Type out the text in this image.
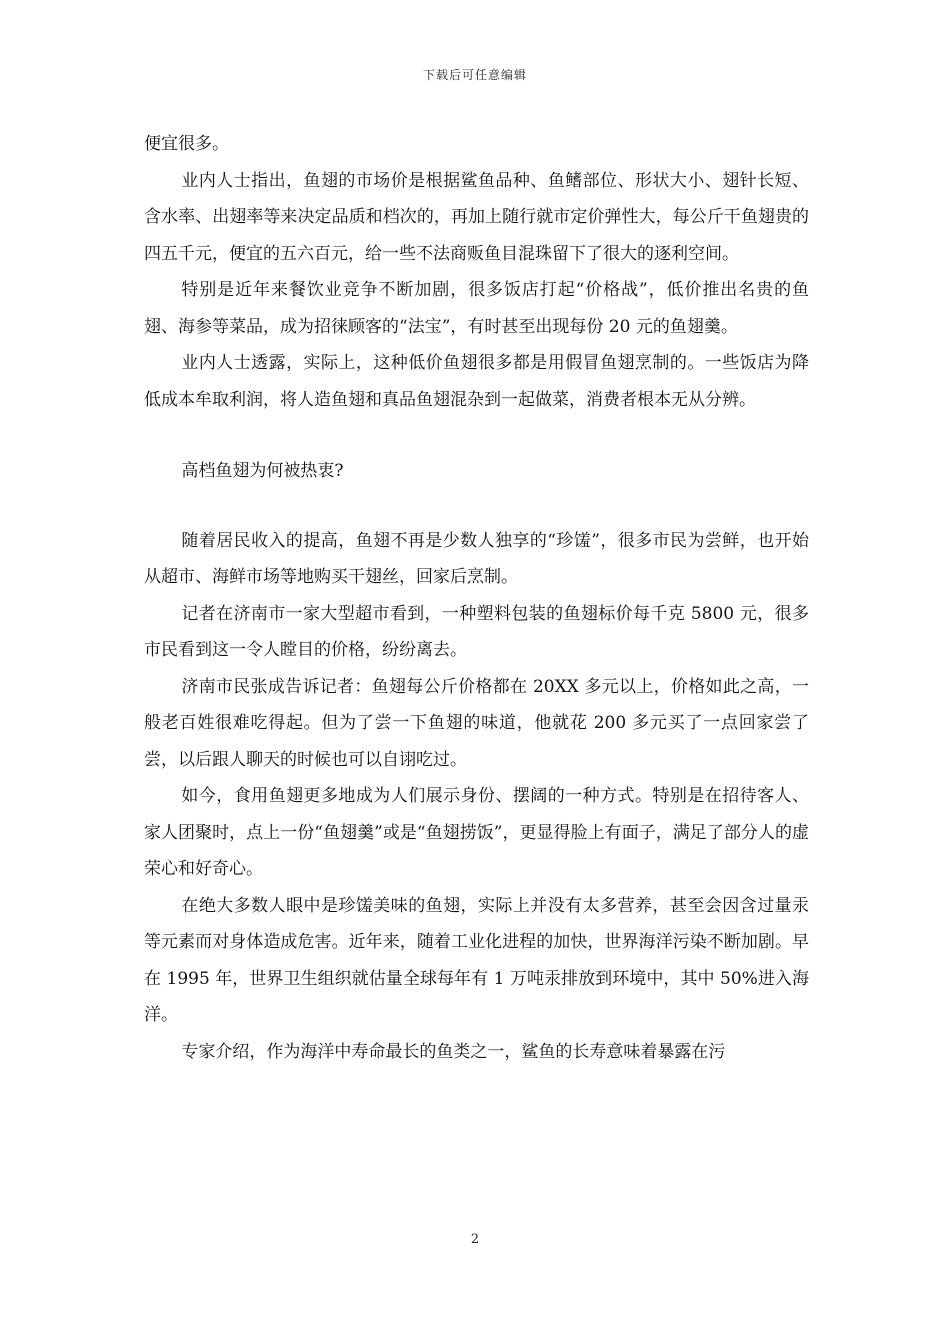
下载后可任意编辑

便宜很多。

业内人士指出，鱼翅的市场价是根据鲨鱼品种、鱼鳍部位、形状大小、翅针长短、含水率、出翅率等来决定品质和档次的，再加上随行就市定价弹性大，每公斤干鱼翅贵的四五千元，便宜的五六百元，给一些不法商贩鱼目混珠留下了很大的逐利空间。

特别是近年来餐饮业竞争不断加剧，很多饭店打起“价格战”，低价推出名贵的鱼翅、海参等菜品，成为招徕顾客的“法宝”，有时甚至出现每份 20 元的鱼翅羹。

业内人士透露，实际上，这种低价鱼翅很多都是用假冒鱼翅烹制的。一些饭店为降低成本牟取利润，将人造鱼翅和真品鱼翅混杂到一起做菜，消费者根本无从分辨。

高档鱼翅为何被热衷?

随着居民收入的提高，鱼翅不再是少数人独享的“珍馐”，很多市民为尝鲜，也开始从超市、海鲜市场等地购买干翅丝，回家后烹制。

记者在济南市一家大型超市看到，一种塑料包装的鱼翅标价每千克 5800 元，很多市民看到这一令人瞠目的价格，纷纷离去。

济南市民张成告诉记者：鱼翅每公斤价格都在 20XX 多元以上，价格如此之高，一般老百姓很难吃得起。但为了尝一下鱼翅的味道，他就花 200 多元买了一点回家尝了尝，以后跟人聊天的时候也可以自诩吃过。

如今，食用鱼翅更多地成为人们展示身份、摆阔的一种方式。特别是在招待客人、家人团聚时，点上一份“鱼翅羹”或是“鱼翅捞饭”，更显得脸上有面子，满足了部分人的虚荣心和好奇心。

在绝大多数人眼中是珍馐美味的鱼翅，实际上并没有太多营养，甚至会因含过量汞等元素而对身体造成危害。近年来，随着工业化进程的加快，世界海洋污染不断加剧。早在 1995 年，世界卫生组织就估量全球每年有 1 万吨汞排放到环境中，其中 50%进入海洋。

专家介绍，作为海洋中寿命最长的鱼类之一，鲨鱼的长寿意味着暴露在污

2
